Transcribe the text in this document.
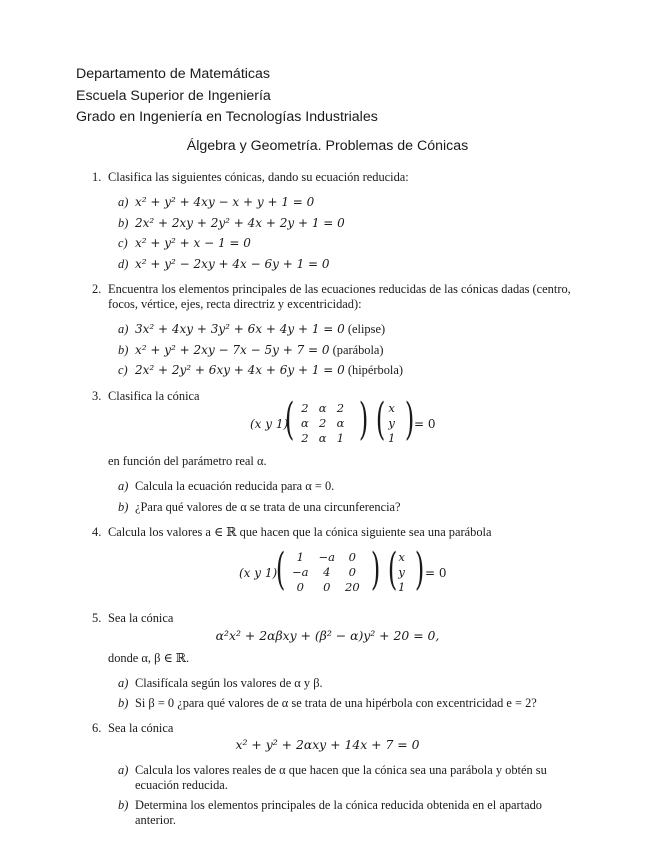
Departamento de Matemáticas
Escuela Superior de Ingeniería
Grado en Ingeniería en Tecnologías Industriales
Álgebra y Geometría. Problemas de Cónicas
1. Clasifica las siguientes cónicas, dando su ecuación reducida:
a) x² + y² + 4xy − x + y + 1 = 0
b) 2x² + 2xy + 2y² + 4x + 2y + 1 = 0
c) x² + y² + x − 1 = 0
d) x² + y² − 2xy + 4x − 6y + 1 = 0
2. Encuentra los elementos principales de las ecuaciones reducidas de las cónicas dadas (centro, focos, vértice, ejes, recta directriz y excentricidad):
a) 3x² + 4xy + 3y² + 6x + 4y + 1 = 0 (elipse)
b) x² + y² + 2xy − 7x − 5y + 7 = 0 (parábola)
c) 2x² + 2y² + 6xy + 4x + 6y + 1 = 0 (hipérbola)
3. Clasifica la cónica
(x y 1)
( 2	α	2
α	2	α
2	α	1 ) ( x
y
1 ) = 0
en función del parámetro real α.
a) Calcula la ecuación reducida para α = 0.
b) ¿Para qué valores de α se trata de una circunferencia?
4. Calcula los valores a ∈ ℝ que hacen que la cónica siguiente sea una parábola
(x y 1)
( 1	−a	0
−a	4	0
0	0	20 ) ( x
y
1 ) = 0
5. Sea la cónica
α²x² + 2αβxy + (β² − α)y² + 20 = 0,
donde α, β ∈ ℝ.
a) Clasifícala según los valores de α y β.
b) Si β = 0 ¿para qué valores de α se trata de una hipérbola con excentricidad e = 2?
6. Sea la cónica
x² + y² + 2αxy + 14x + 7 = 0
a) Calcula los valores reales de α que hacen que la cónica sea una parábola y obtén su ecuación reducida.
b) Determina los elementos principales de la cónica reducida obtenida en el apartado anterior.
